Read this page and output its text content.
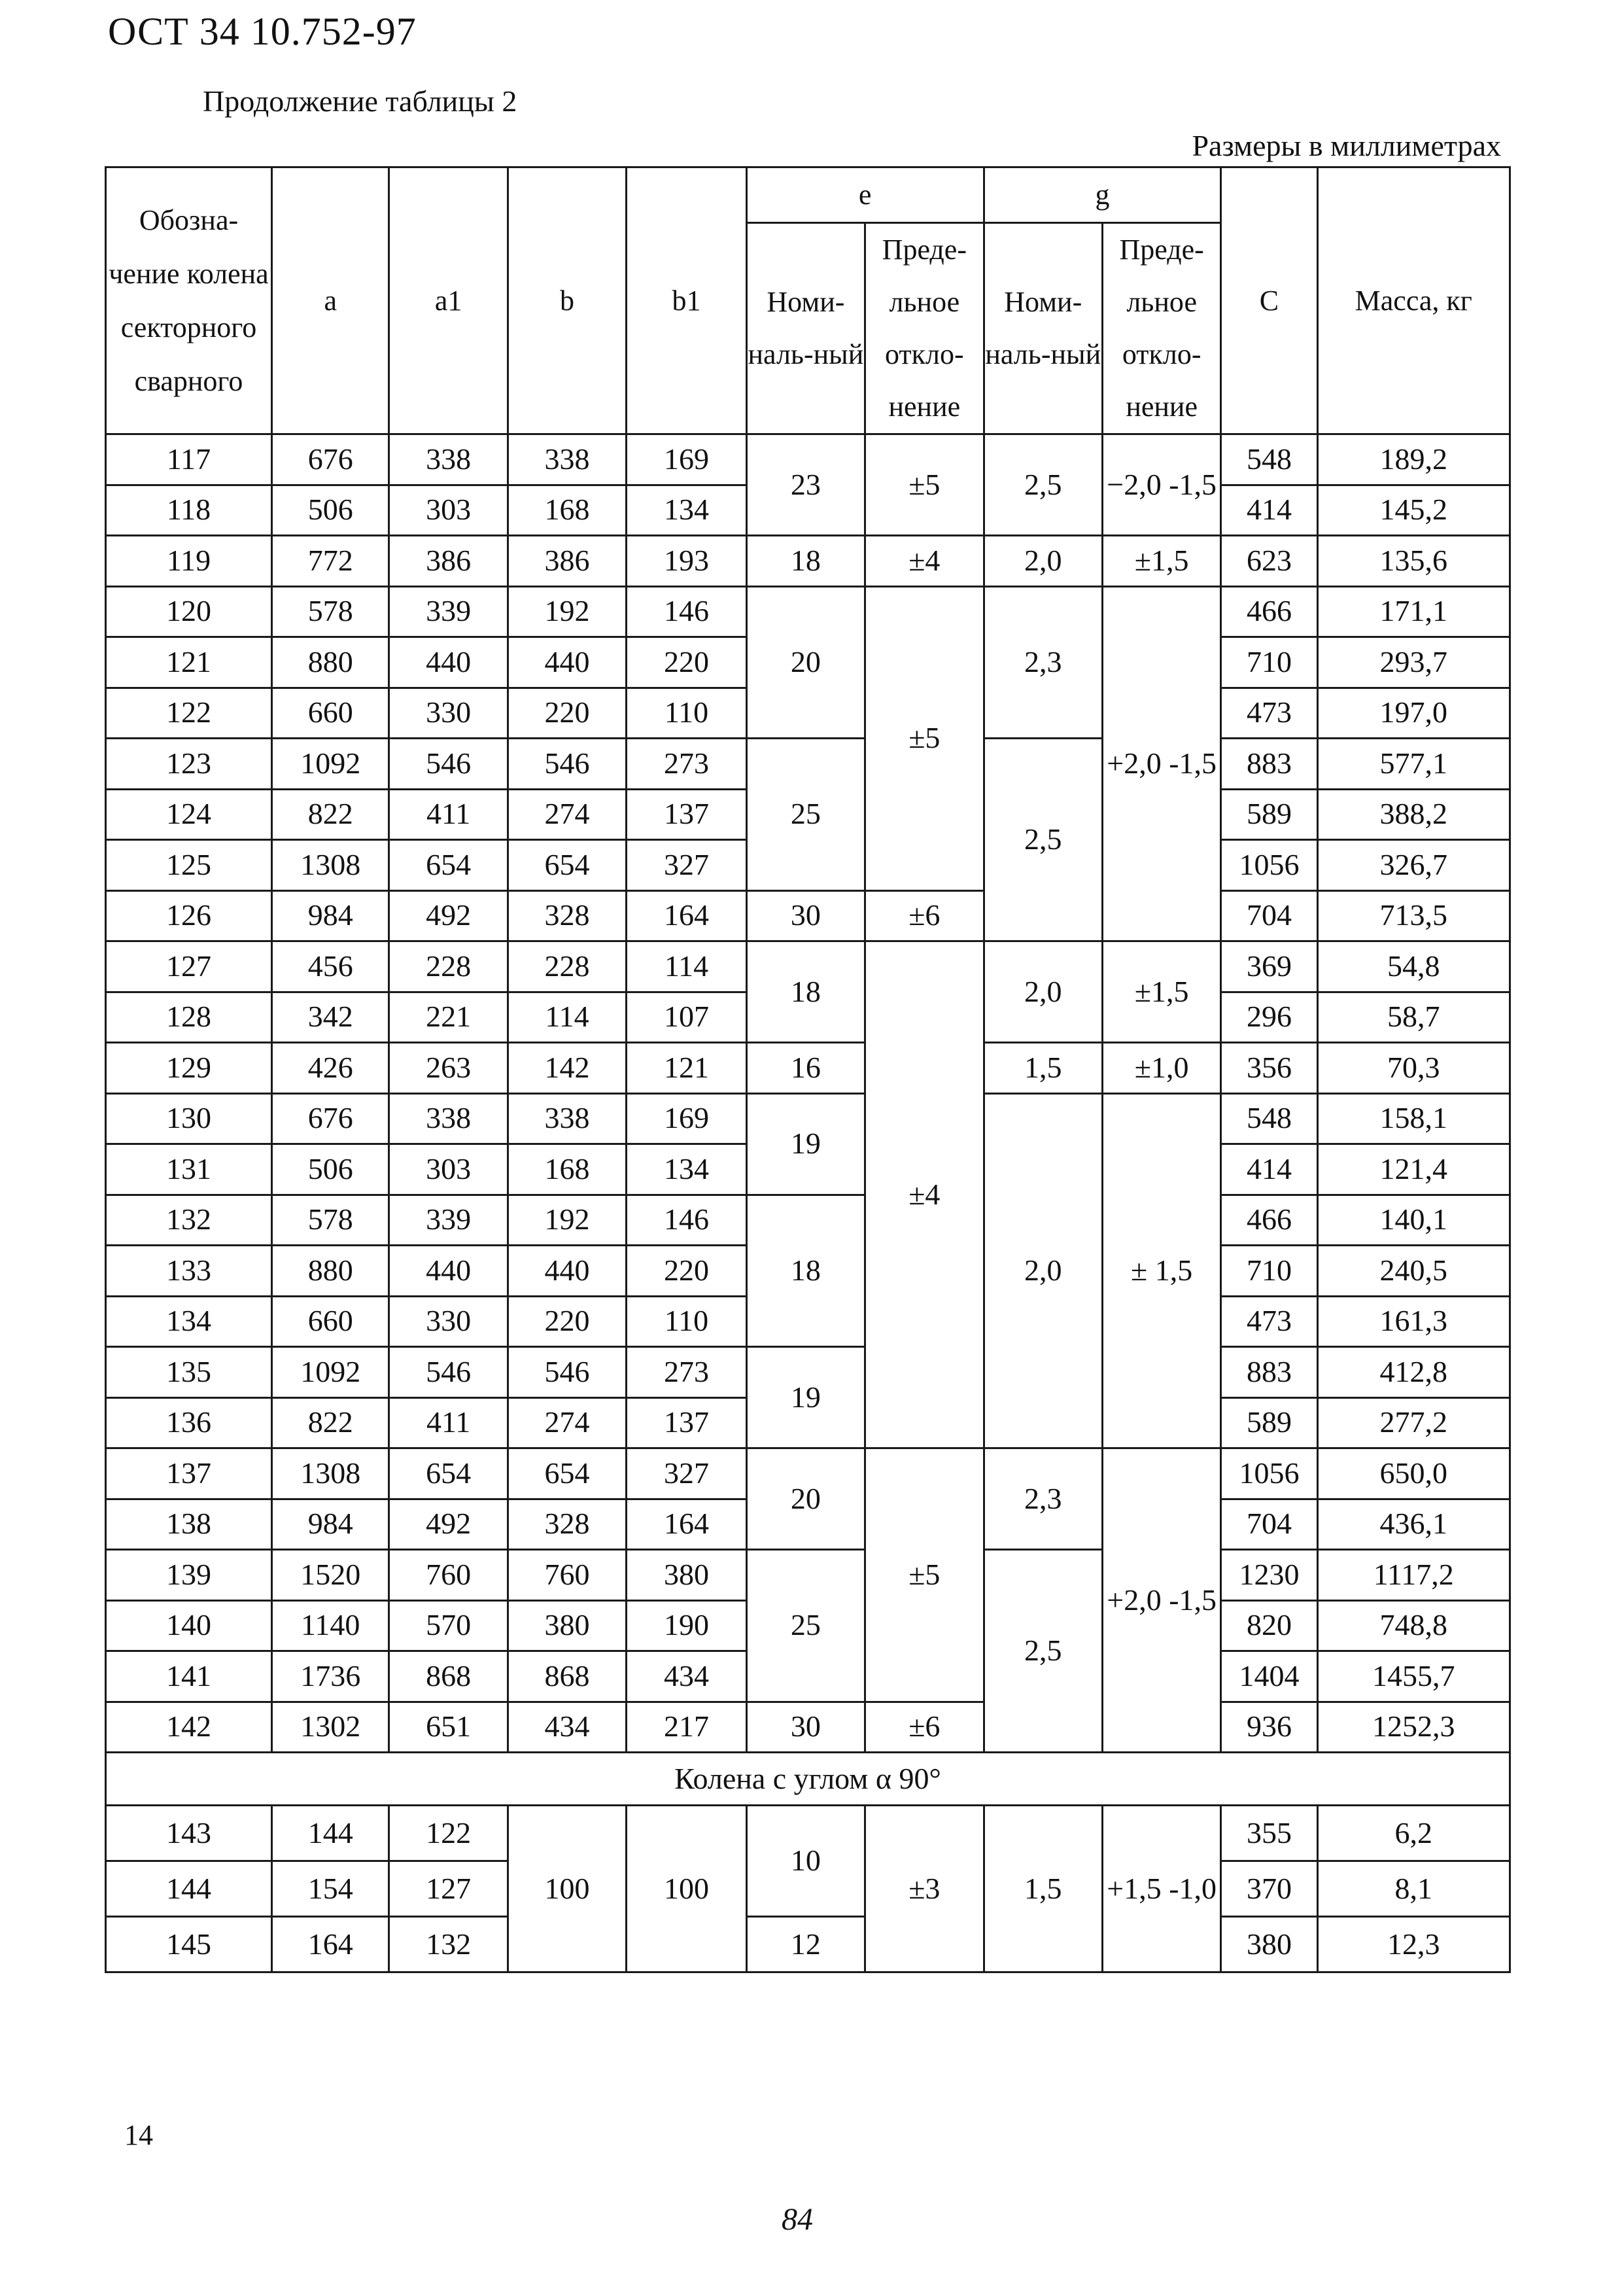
ОСТ 34 10.752-97
Продолжение таблицы 2
Размеры в миллиметрах
Обозна-чение колена секторного сварного	a	a1	b	b1	e		g		C	Масса, кг
					Номи-наль-ный	Преде-льное откло-нение	Номи-наль-ный	Преде-льное откло-нение		
117	676	338	338	169	23	±5	2,5	−2,0 -1,5	548	189,2
118	506	303	168	134					414	145,2
119	772	386	386	193	18	±4	2,0	±1,5	623	135,6
120	578	339	192	146	20	±5	2,3	+2,0 -1,5	466	171,1
121	880	440	440	220					710	293,7
122	660	330	220	110					473	197,0
123	1092	546	546	273	25		2,5		883	577,1
124	822	411	274	137					589	388,2
125	1308	654	654	327					1056	326,7
126	984	492	328	164	30	±6			704	713,5
127	456	228	228	114	18	±4	2,0	±1,5	369	54,8
128	342	221	114	107					296	58,7
129	426	263	142	121	16		1,5	±1,0	356	70,3
130	676	338	338	169	19		2,0	± 1,5	548	158,1
131	506	303	168	134					414	121,4
132	578	339	192	146	18				466	140,1
133	880	440	440	220					710	240,5
134	660	330	220	110					473	161,3
135	1092	546	546	273	19				883	412,8
136	822	411	274	137					589	277,2
137	1308	654	654	327	20	±5	2,3	+2,0 -1,5	1056	650,0
138	984	492	328	164					704	436,1
139	1520	760	760	380	25		2,5		1230	1117,2
140	1140	570	380	190					820	748,8
141	1736	868	868	434					1404	1455,7
142	1302	651	434	217	30	±6			936	1252,3
Колена с углом α 90°										
143	144	122	100	100	10	±3	1,5	+1,5 -1,0	355	6,2
144	154	127							370	8,1
145	164	132			12				380	12,3
14
84
